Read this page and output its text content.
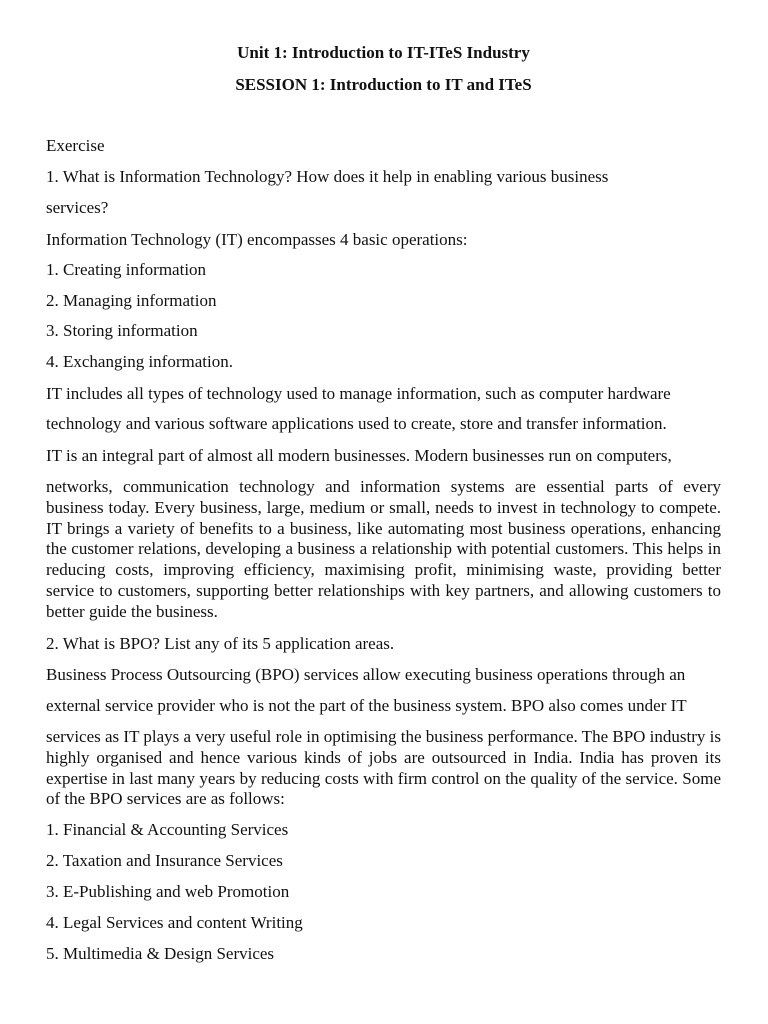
Unit 1: Introduction to IT-ITeS Industry
SESSION 1: Introduction to IT and ITeS
Exercise
1. What is Information Technology? How does it help in enabling various business
services?
Information Technology (IT) encompasses 4 basic operations:
1. Creating information
2. Managing information
3. Storing information
4. Exchanging information.
IT includes all types of technology used to manage information, such as computer hardware
technology and various software applications used to create, store and transfer information.
IT is an integral part of almost all modern businesses. Modern businesses run on computers,
networks, communication technology and information systems are essential parts of every business today. Every business, large, medium or small, needs to invest in technology to compete. IT brings a variety of benefits to a business, like automating most business operations, enhancing the customer relations, developing a business a relationship with potential customers. This helps in reducing costs, improving efficiency, maximising profit, minimising waste, providing better service to customers, supporting better relationships with key partners, and allowing customers to better guide the business.
2. What is BPO? List any of its 5 application areas.
Business Process Outsourcing (BPO) services allow executing business operations through an
external service provider who is not the part of the business system. BPO also comes under IT
services as IT plays a very useful role in optimising the business performance. The BPO industry is highly organised and hence various kinds of jobs are outsourced in India. India has proven its expertise in last many years by reducing costs with firm control on the quality of the service. Some of the BPO services are as follows:
1. Financial & Accounting Services
2. Taxation and Insurance Services
3. E-Publishing and web Promotion
4. Legal Services and content Writing
5. Multimedia & Design Services
